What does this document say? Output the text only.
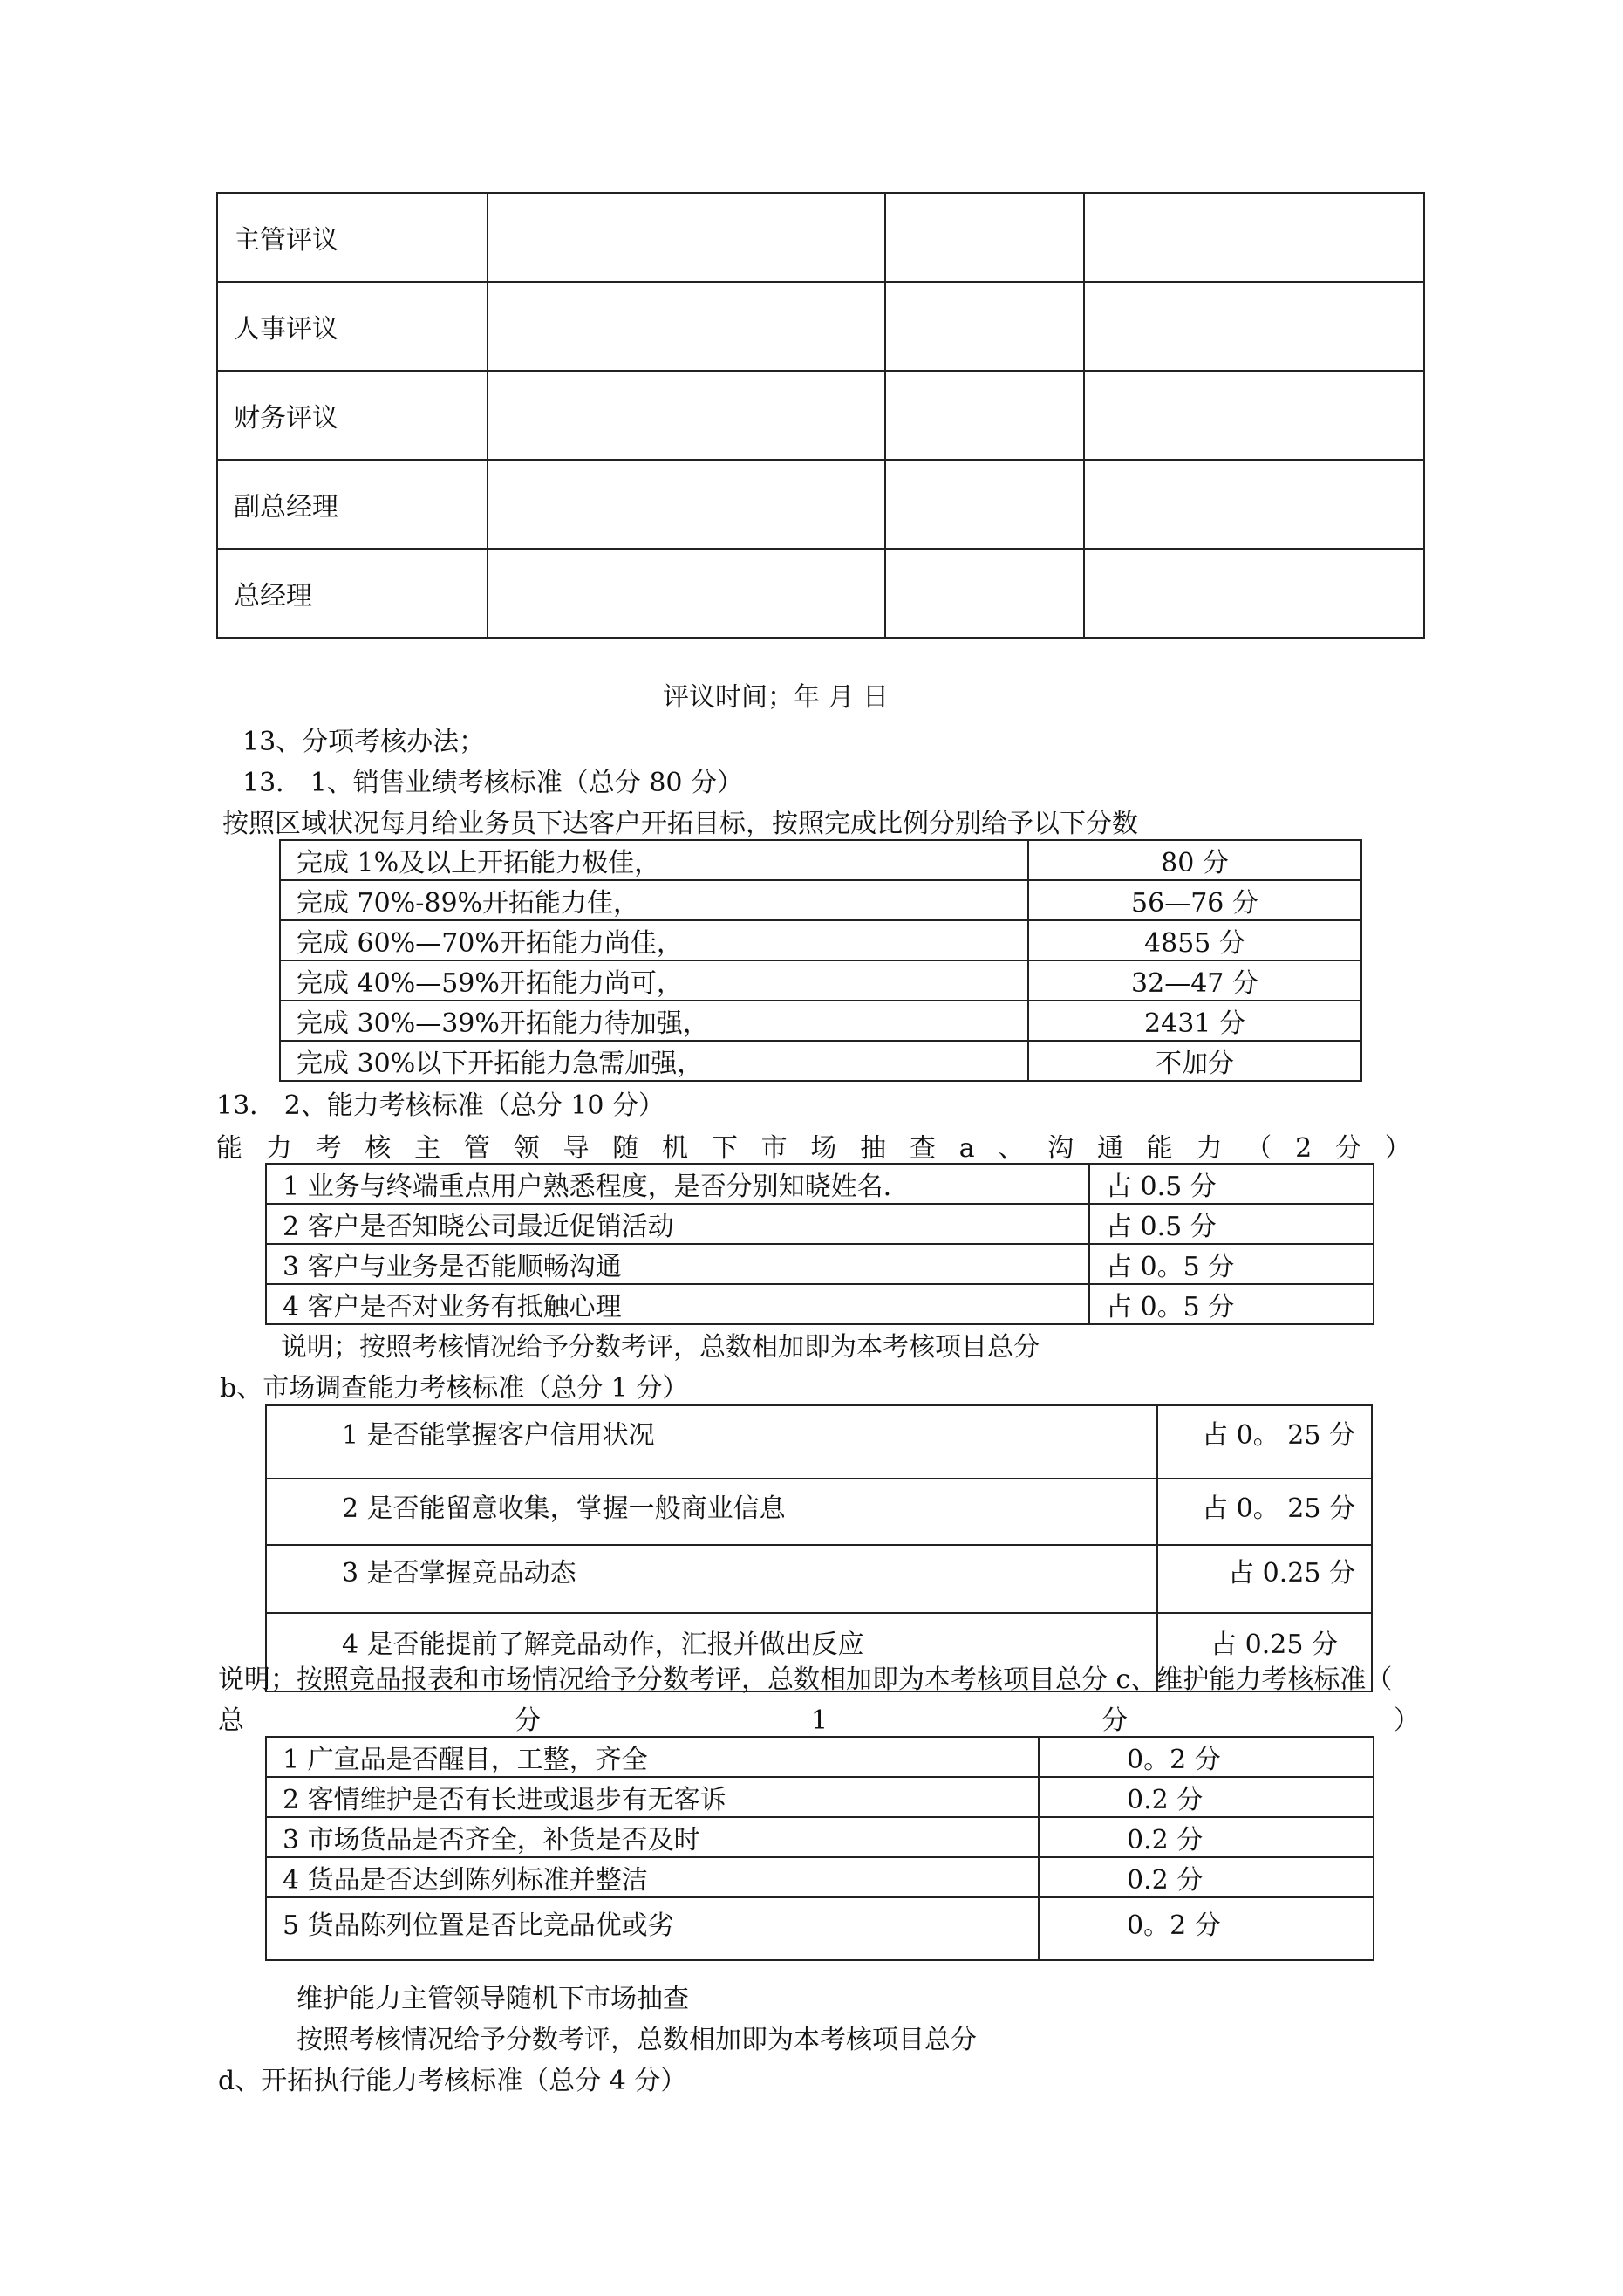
主管评议			
人事评议			
财务评议			
副总经理			
总经理			
评议时间；年 月 日
13、分项考核办法；
13． 1、销售业绩考核标准（总分 80 分）
按照区域状况每月给业务员下达客户开拓目标，按照完成比例分别给予以下分数
完成 1%及以上开拓能力极佳，	80 分
完成 70%-89%开拓能力佳，	56—76 分
完成 60%—70%开拓能力尚佳，	4855 分
完成 40%—59%开拓能力尚可，	32—47 分
完成 30%—39%开拓能力待加强，	2431 分
完成 30%以下开拓能力急需加强，	不加分
13． 2、能力考核标准（总分 10 分）
能 力 考 核 主 管 领 导 随 机 下 市 场 抽 查 a 、 沟 通 能 力 （ 2 分 ）
1 业务与终端重点用户熟悉程度，是否分别知晓姓名.	占 0.5 分
2 客户是否知晓公司最近促销活动	占 0.5 分
3 客户与业务是否能顺畅沟通	占 0。5 分
4 客户是否对业务有抵触心理	占 0。5 分
说明；按照考核情况给予分数考评，总数相加即为本考核项目总分
b、市场调查能力考核标准（总分 1 分）
1 是否能掌握客户信用状况	占 0。 25 分
2 是否能留意收集，掌握一般商业信息	占 0。 25 分
3 是否掌握竞品动态	占 0.25 分
4 是否能提前了解竞品动作，汇报并做出反应	占 0.25 分
说明；按照竞品报表和市场情况给予分数考评，总数相加即为本考核项目总分 c、维护能力考核标准（
总	分	1	分	）
1 广宣品是否醒目，工整，齐全	0。2 分
2 客情维护是否有长进或退步有无客诉	0.2 分
3 市场货品是否齐全，补货是否及时	0.2 分
4 货品是否达到陈列标准并整洁	0.2 分
5 货品陈列位置是否比竞品优或劣	0。2 分
维护能力主管领导随机下市场抽查
按照考核情况给予分数考评，总数相加即为本考核项目总分
d、开拓执行能力考核标准（总分 4 分）
